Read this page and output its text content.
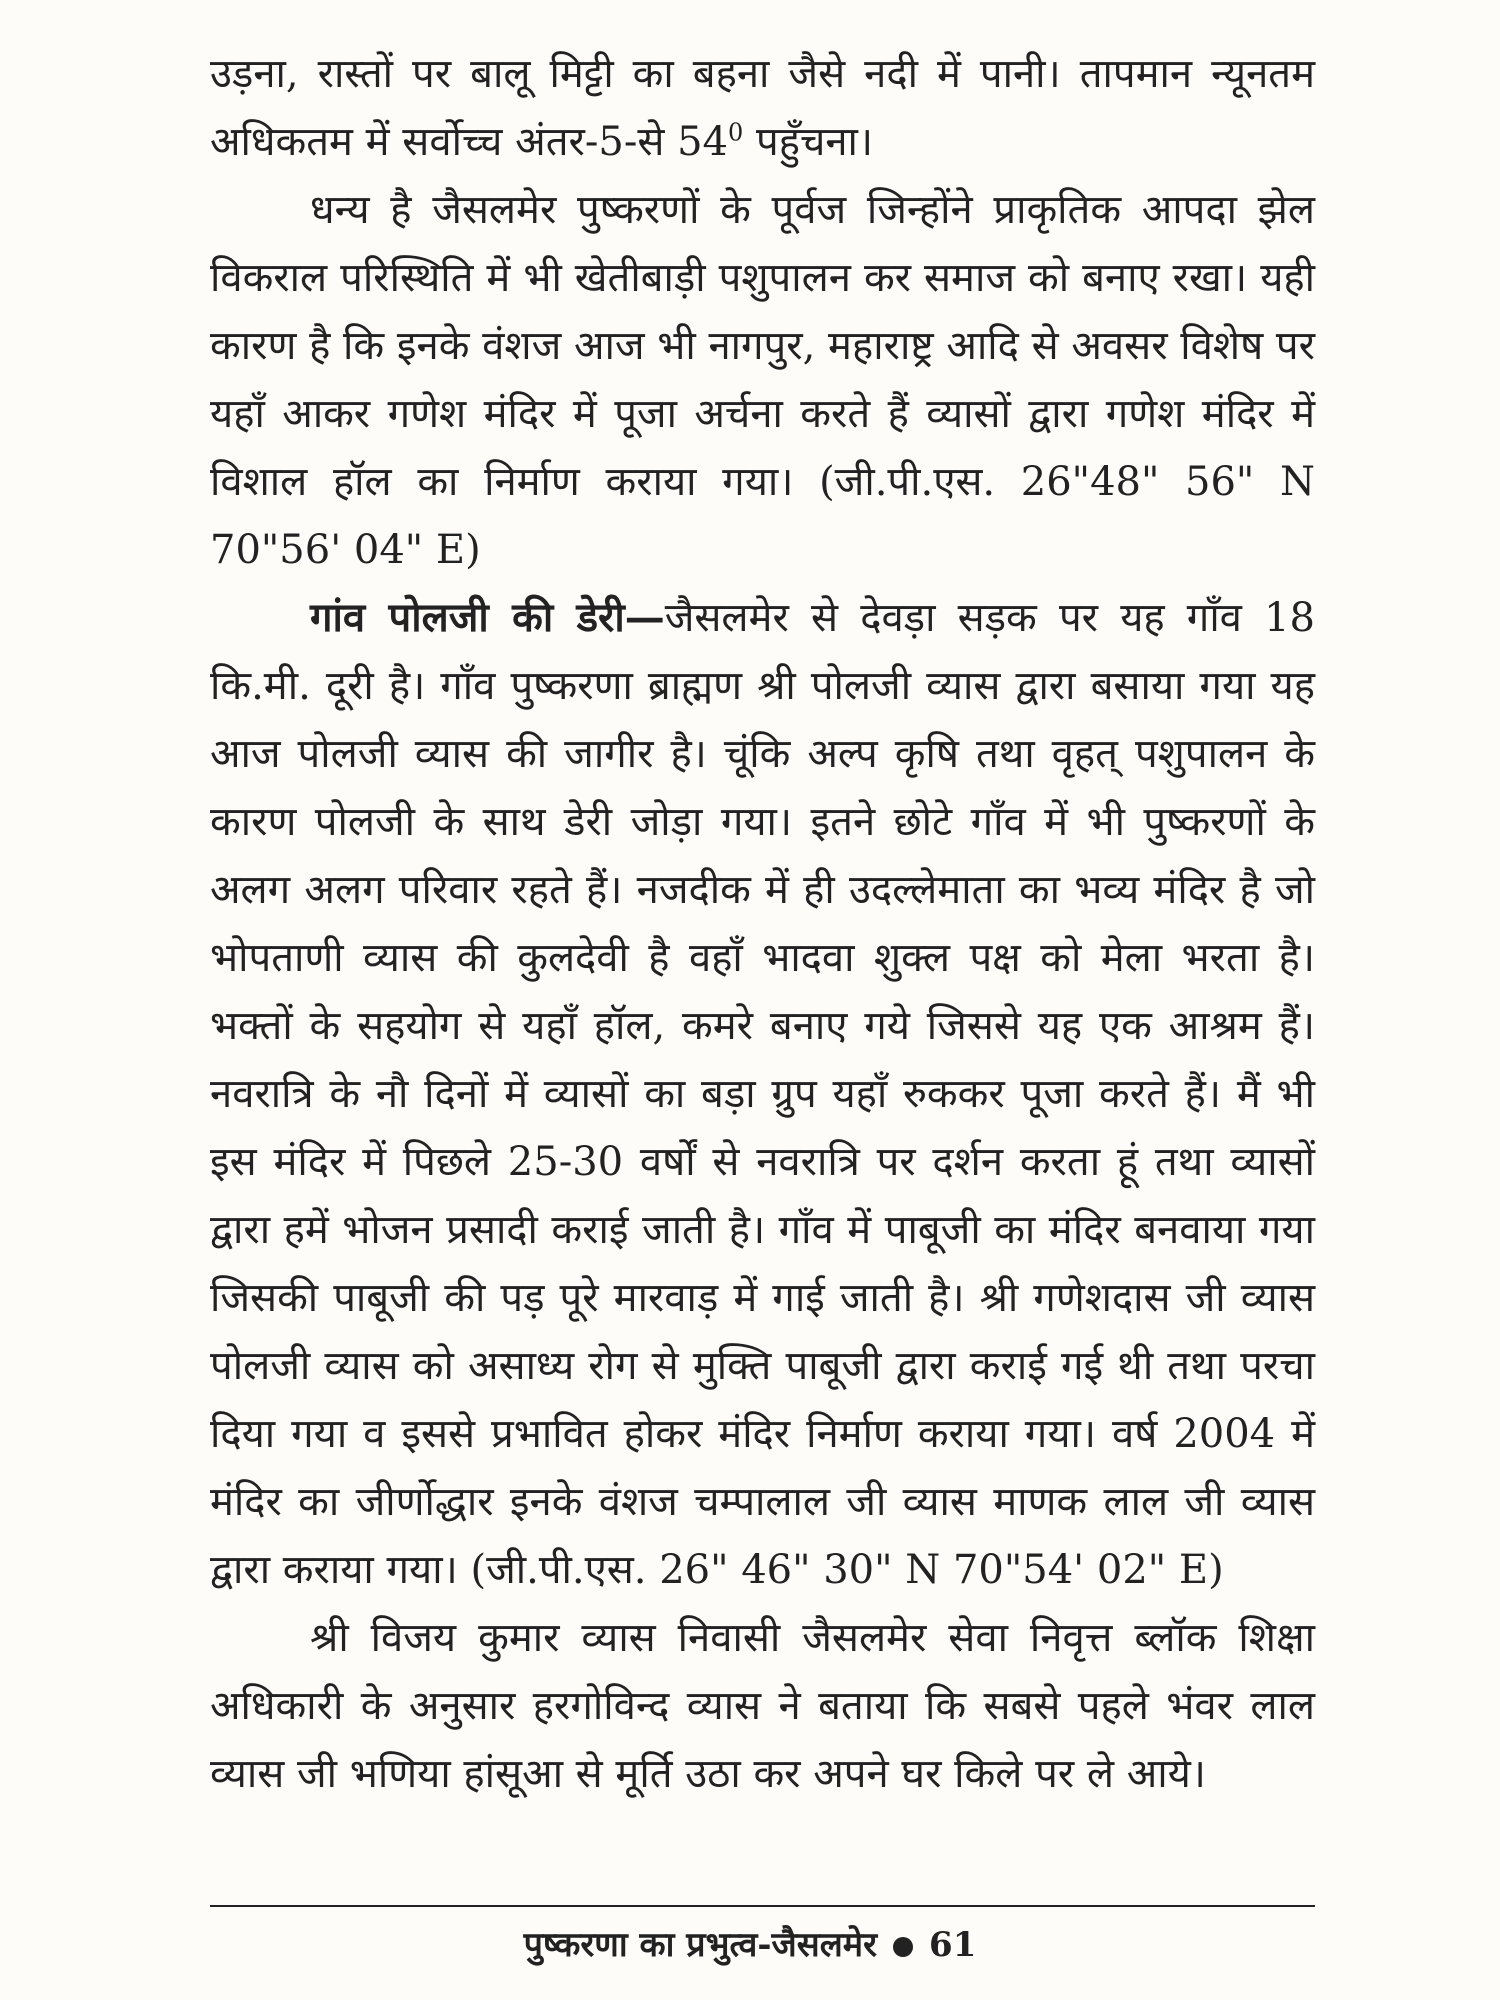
उड़ना, रास्तों पर बालू मिट्टी का बहना जैसे नदी में पानी। तापमान न्यूनतम अधिकतम में सर्वोच्च अंतर-5-से $54^0$ पहुँचना।

धन्य है जैसलमेर पुष्करणों के पूर्वज जिन्होंने प्राकृतिक आपदा झेल विकराल परिस्थिति में भी खेतीबाड़ी पशुपालन कर समाज को बनाए रखा। यही कारण है कि इनके वंशज आज भी नागपुर, महाराष्ट्र आदि से अवसर विशेष पर यहाँ आकर गणेश मंदिर में पूजा अर्चना करते हैं व्यासों द्वारा गणेश मंदिर में विशाल हॉल का निर्माण कराया गया। (जी.पी.एस. 26"48" 56" N 70"56' 04" E)

गांव पोलजी की डेरी—जैसलमेर से देवड़ा सड़क पर यह गाँव 18 कि.मी. दूरी है। गाँव पुष्करणा ब्राह्मण श्री पोलजी व्यास द्वारा बसाया गया यह आज पोलजी व्यास की जागीर है। चूंकि अल्प कृषि तथा वृहत् पशुपालन के कारण पोलजी के साथ डेरी जोड़ा गया। इतने छोटे गाँव में भी पुष्करणों के अलग अलग परिवार रहते हैं। नजदीक में ही उदल्लेमाता का भव्य मंदिर है जो भोपताणी व्यास की कुलदेवी है वहाँ भादवा शुक्ल पक्ष को मेला भरता है। भक्तों के सहयोग से यहाँ हॉल, कमरे बनाए गये जिससे यह एक आश्रम हैं। नवरात्रि के नौ दिनों में व्यासों का बड़ा ग्रुप यहाँ रुककर पूजा करते हैं। मैं भी इस मंदिर में पिछले 25-30 वर्षों से नवरात्रि पर दर्शन करता हूं तथा व्यासों द्वारा हमें भोजन प्रसादी कराई जाती है। गाँव में पाबूजी का मंदिर बनवाया गया जिसकी पाबूजी की पड़ पूरे मारवाड़ में गाई जाती है। श्री गणेशदास जी व्यास पोलजी व्यास को असाध्य रोग से मुक्ति पाबूजी द्वारा कराई गई थी तथा परचा दिया गया व इससे प्रभावित होकर मंदिर निर्माण कराया गया। वर्ष 2004 में मंदिर का जीर्णोद्धार इनके वंशज चम्पालाल जी व्यास माणक लाल जी व्यास द्वारा कराया गया। (जी.पी.एस. 26" 46" 30" N 70"54' 02" E)

श्री विजय कुमार व्यास निवासी जैसलमेर सेवा निवृत्त ब्लॉक शिक्षा अधिकारी के अनुसार हरगोविन्द व्यास ने बताया कि सबसे पहले भंवर लाल व्यास जी भणिया हांसूआ से मूर्ति उठा कर अपने घर किले पर ले आये।

पुष्करणा का प्रभुत्व-जैसलमेर 61
